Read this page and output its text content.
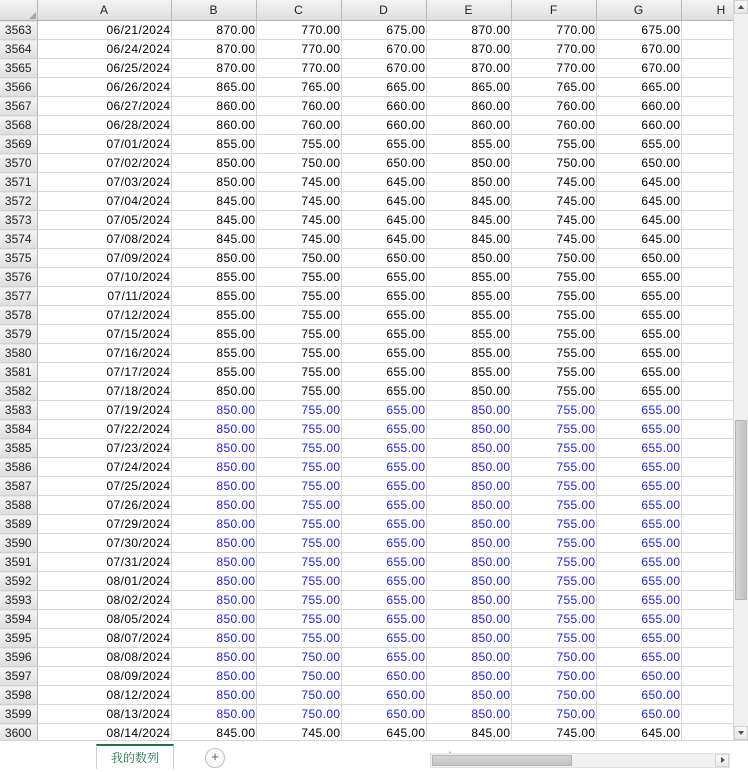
	A	B	C	D	E	F	G	H
3563	06/21/2024	870.00	770.00	675.00	870.00	770.00	675.00	
3564	06/24/2024	870.00	770.00	670.00	870.00	770.00	670.00	
3565	06/25/2024	870.00	770.00	670.00	870.00	770.00	670.00	
3566	06/26/2024	865.00	765.00	665.00	865.00	765.00	665.00	
3567	06/27/2024	860.00	760.00	660.00	860.00	760.00	660.00	
3568	06/28/2024	860.00	760.00	660.00	860.00	760.00	660.00	
3569	07/01/2024	855.00	755.00	655.00	855.00	755.00	655.00	
3570	07/02/2024	850.00	750.00	650.00	850.00	750.00	650.00	
3571	07/03/2024	850.00	745.00	645.00	850.00	745.00	645.00	
3572	07/04/2024	845.00	745.00	645.00	845.00	745.00	645.00	
3573	07/05/2024	845.00	745.00	645.00	845.00	745.00	645.00	
3574	07/08/2024	845.00	745.00	645.00	845.00	745.00	645.00	
3575	07/09/2024	850.00	750.00	650.00	850.00	750.00	650.00	
3576	07/10/2024	855.00	755.00	655.00	855.00	755.00	655.00	
3577	07/11/2024	855.00	755.00	655.00	855.00	755.00	655.00	
3578	07/12/2024	855.00	755.00	655.00	855.00	755.00	655.00	
3579	07/15/2024	855.00	755.00	655.00	855.00	755.00	655.00	
3580	07/16/2024	855.00	755.00	655.00	855.00	755.00	655.00	
3581	07/17/2024	855.00	755.00	655.00	855.00	755.00	655.00	
3582	07/18/2024	850.00	755.00	655.00	850.00	755.00	655.00	
3583	07/19/2024	850.00	755.00	655.00	850.00	755.00	655.00	
3584	07/22/2024	850.00	755.00	655.00	850.00	755.00	655.00	
3585	07/23/2024	850.00	755.00	655.00	850.00	755.00	655.00	
3586	07/24/2024	850.00	755.00	655.00	850.00	755.00	655.00	
3587	07/25/2024	850.00	755.00	655.00	850.00	755.00	655.00	
3588	07/26/2024	850.00	755.00	655.00	850.00	755.00	655.00	
3589	07/29/2024	850.00	755.00	655.00	850.00	755.00	655.00	
3590	07/30/2024	850.00	755.00	655.00	850.00	755.00	655.00	
3591	07/31/2024	850.00	755.00	655.00	850.00	755.00	655.00	
3592	08/01/2024	850.00	755.00	655.00	850.00	755.00	655.00	
3593	08/02/2024	850.00	755.00	655.00	850.00	755.00	655.00	
3594	08/05/2024	850.00	755.00	655.00	850.00	755.00	655.00	
3595	08/07/2024	850.00	755.00	655.00	850.00	755.00	655.00	
3596	08/08/2024	850.00	750.00	655.00	850.00	750.00	655.00	
3597	08/09/2024	850.00	750.00	650.00	850.00	750.00	650.00	
3598	08/12/2024	850.00	750.00	650.00	850.00	750.00	650.00	
3599	08/13/2024	850.00	750.00	650.00	850.00	750.00	650.00	
3600	08/14/2024	845.00	745.00	645.00	845.00	745.00	645.00	

我的数列	+
